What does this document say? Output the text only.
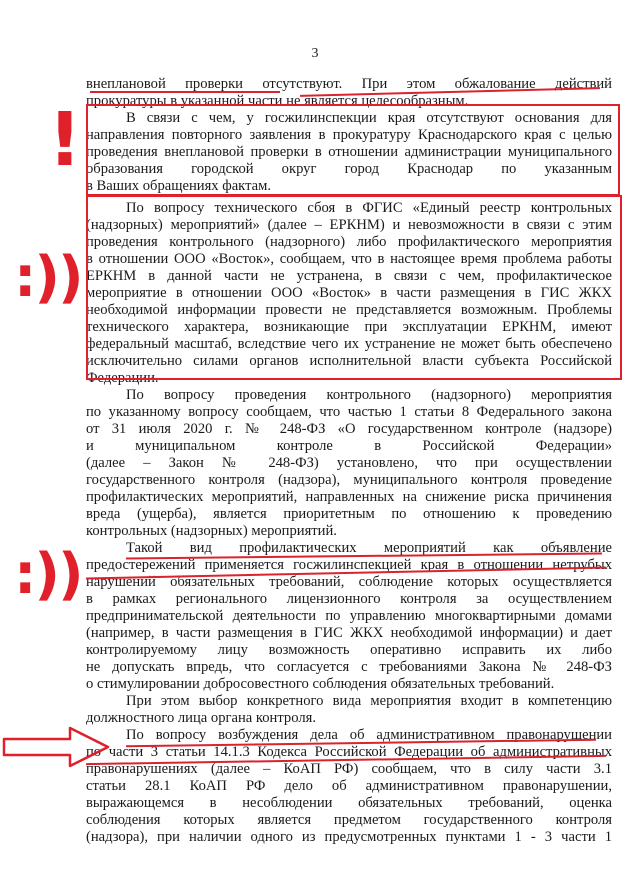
3
внеплановой проверки отсутствуют. При этом обжалование действий
прокуратуры в указанной части не является целесообразным.
В связи с чем, у госжилинспекции края отсутствуют основания для
направления повторного заявления в прокуратуру Краснодарского края с целью
проведения внеплановой проверки в отношении администрации муниципального
образования городской округ город Краснодар по указанным
в Ваших обращениях фактам.
По вопросу технического сбоя в ФГИС «Единый реестр контрольных
(надзорных) мероприятий» (далее – ЕРКНМ) и невозможности в связи с этим
проведения контрольного (надзорного) либо профилактического мероприятия
в отношении ООО «Восток», сообщаем, что в настоящее время проблема работы
ЕРКНМ в данной части не устранена, в связи с чем, профилактическое
мероприятие в отношении ООО «Восток» в части размещения в ГИС ЖКХ
необходимой информации провести не представляется возможным. Проблемы
технического характера, возникающие при эксплуатации ЕРКНМ, имеют
федеральный масштаб, вследствие чего их устранение не может быть обеспечено
исключительно силами органов исполнительной власти субъекта Российской
Федерации.
По вопросу проведения контрольного (надзорного) мероприятия
по указанному вопросу сообщаем, что частью 1 статьи 8 Федерального закона
от 31 июля 2020 г. № 248-ФЗ «О государственном контроле (надзоре)
и муниципальном контроле в Российской Федерации»
(далее – Закон № 248-ФЗ) установлено, что при осуществлении
государственного контроля (надзора), муниципального контроля проведение
профилактических мероприятий, направленных на снижение риска причинения
вреда (ущерба), является приоритетным по отношению к проведению
контрольных (надзорных) мероприятий.
Такой вид профилактических мероприятий как объявление
предостережений применяется госжилинспекцией края в отношении нетрубых
нарушений обязательных требований, соблюдение которых осуществляется
в рамках регионального лицензионного контроля за осуществлением
предпринимательской деятельности по управлению многоквартирными домами
(например, в части размещения в ГИС ЖКХ необходимой информации) и дает
контролируемому лицу возможность оперативно исправить их либо
не допускать впредь, что согласуется с требованиями Закона № 248-ФЗ
о стимулировании добросовестного соблюдения обязательных требований.
При этом выбор конкретного вида мероприятия входит в компетенцию
должностного лица органа контроля.
По вопросу возбуждения дела об административном правонарушении
по части 3 статьи 14.1.3 Кодекса Российской Федерации об административных
правонарушениях (далее – КоАП РФ) сообщаем, что в силу части 3.1
статьи 28.1 КоАП РФ дело об административном правонарушении,
выражающемся в несоблюдении обязательных требований, оценка
соблюдения которых является предметом государственного контроля
(надзора), при наличии одного из предусмотренных пунктами 1 - 3 части 1
!
:))
:))
